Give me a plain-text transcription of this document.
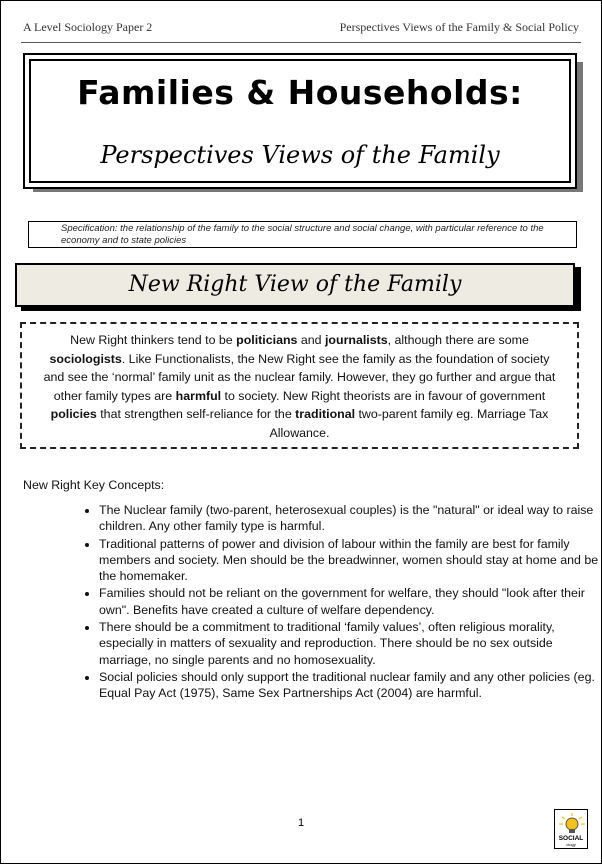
A Level Sociology Paper 2	Perspectives Views of the Family & Social Policy
Families & Households:
Perspectives Views of the Family
Specification: the relationship of the family to the social structure and social change, with particular reference to the economy and to state policies
New Right View of the Family
New Right thinkers tend to be politicians and journalists, although there are some sociologists. Like Functionalists, the New Right see the family as the foundation of society and see the ‘normal’ family unit as the nuclear family. However, they go further and argue that other family types are harmful to society. New Right theorists are in favour of government policies that strengthen self-reliance for the traditional two-parent family eg. Marriage Tax Allowance.
New Right Key Concepts:
• The Nuclear family (two-parent, heterosexual couples) is the "natural" or ideal way to raise children. Any other family type is harmful.
• Traditional patterns of power and division of labour within the family are best for family members and society. Men should be the breadwinner, women should stay at home and be the homemaker.
• Families should not be reliant on the government for welfare, they should "look after their own". Benefits have created a culture of welfare dependency.
• There should be a commitment to traditional ‘family values’, often religious morality, especially in matters of sexuality and reproduction. There should be no sex outside marriage, no single parents and no homosexuality.
• Social policies should only support the traditional nuclear family and any other policies (eg. Equal Pay Act (1975), Same Sex Partnerships Act (2004) are harmful.
1
SOCIAL
ology
